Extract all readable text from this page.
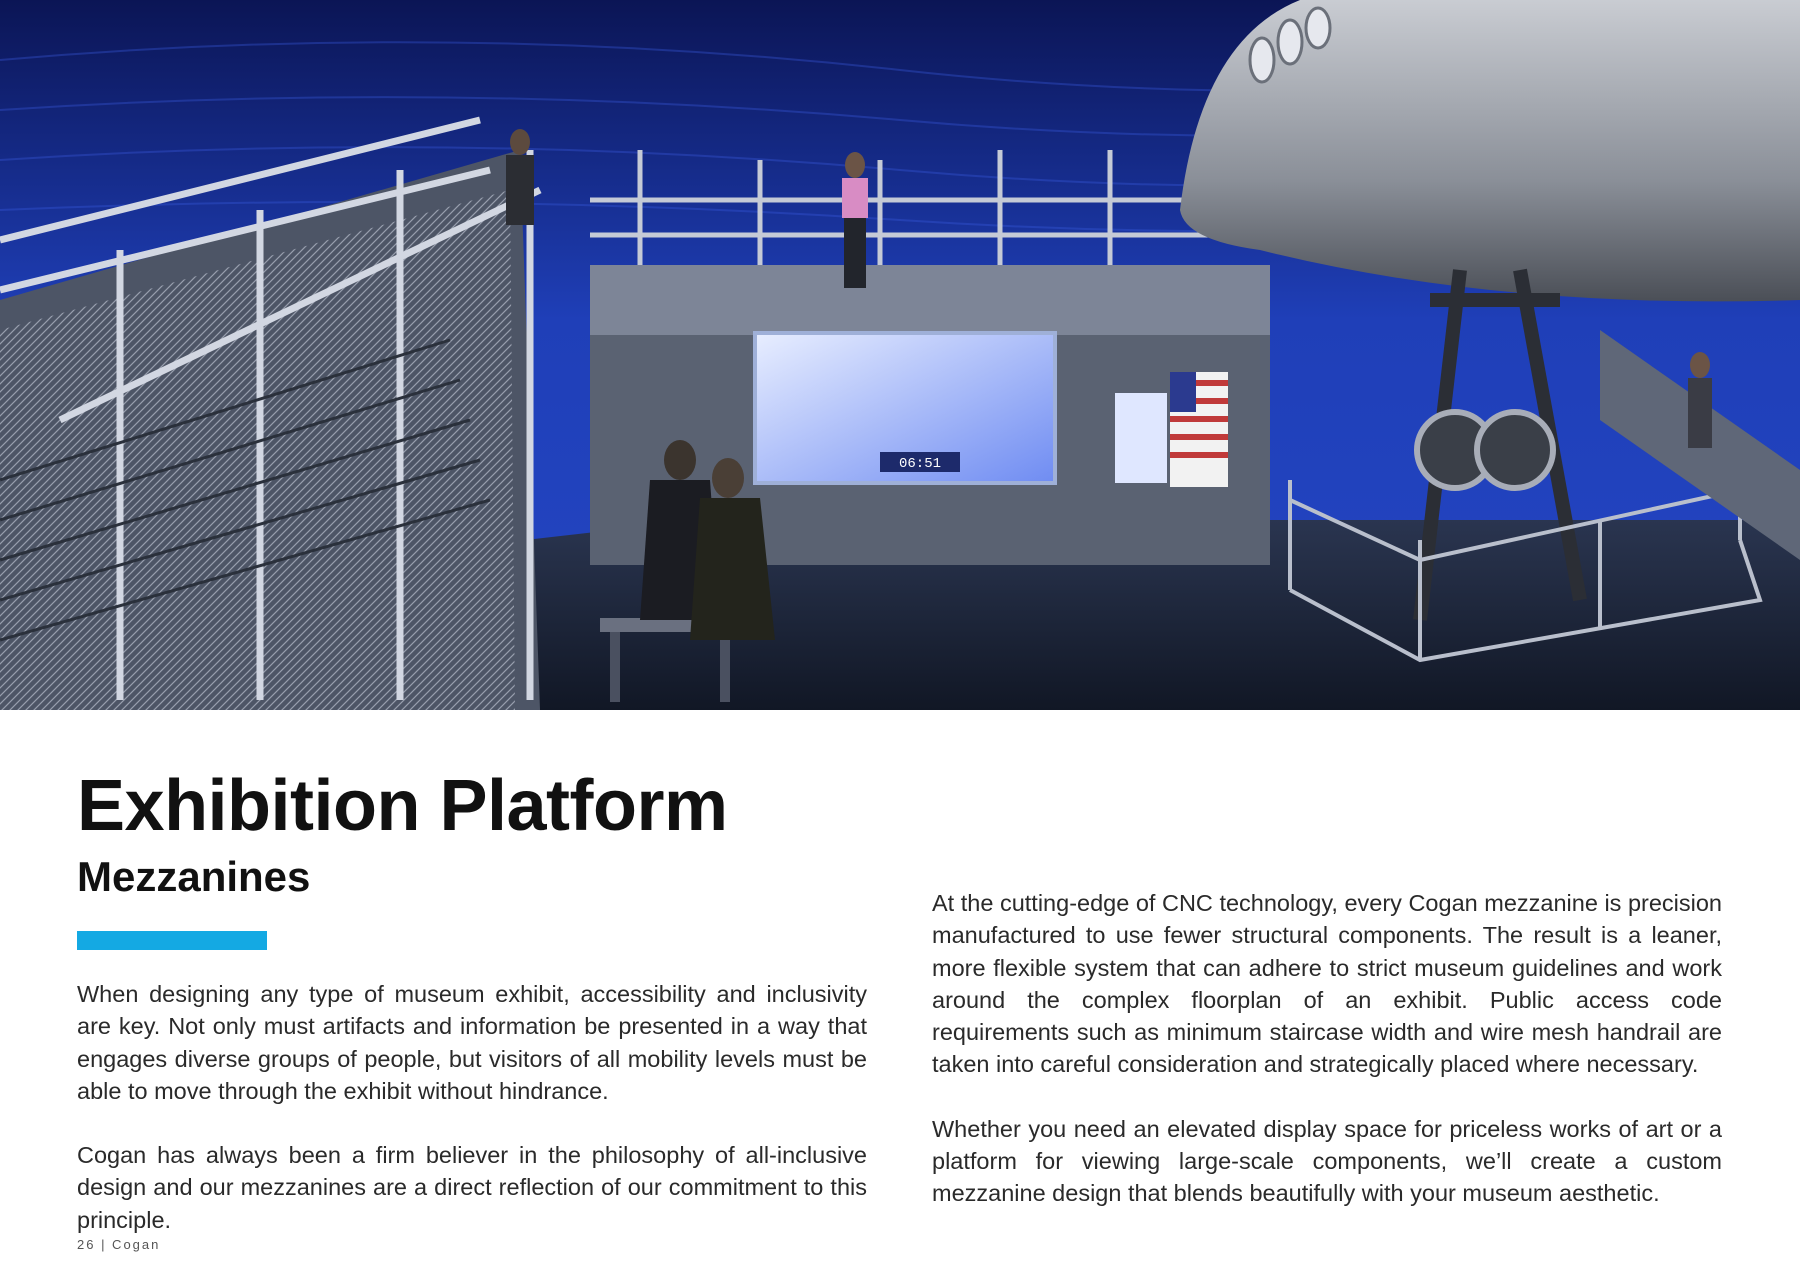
06:51
Exhibition Platform
Mezzanines

When designing any type of museum exhibit, accessibility and inclusivity are key. Not only must artifacts and information be presented in a way that engages diverse groups of people, but visitors of all mobility levels must be able to move through the exhibit without hindrance.

Cogan has always been a firm believer in the philosophy of all-inclusive design and our mezzanines are a direct reflection of our commitment to this principle.

At the cutting-edge of CNC technology, every Cogan mezzanine is precision manufactured to use fewer structural components. The result is a leaner, more flexible system that can adhere to strict museum guidelines and work around the complex floorplan of an exhibit. Public access code requirements such as minimum staircase width and wire mesh handrail are taken into careful consideration and strategically placed where necessary.

Whether you need an elevated display space for priceless works of art or a platform for viewing large-scale components, we’ll create a custom mezzanine design that blends beautifully with your museum aesthetic.

26 | Cogan
